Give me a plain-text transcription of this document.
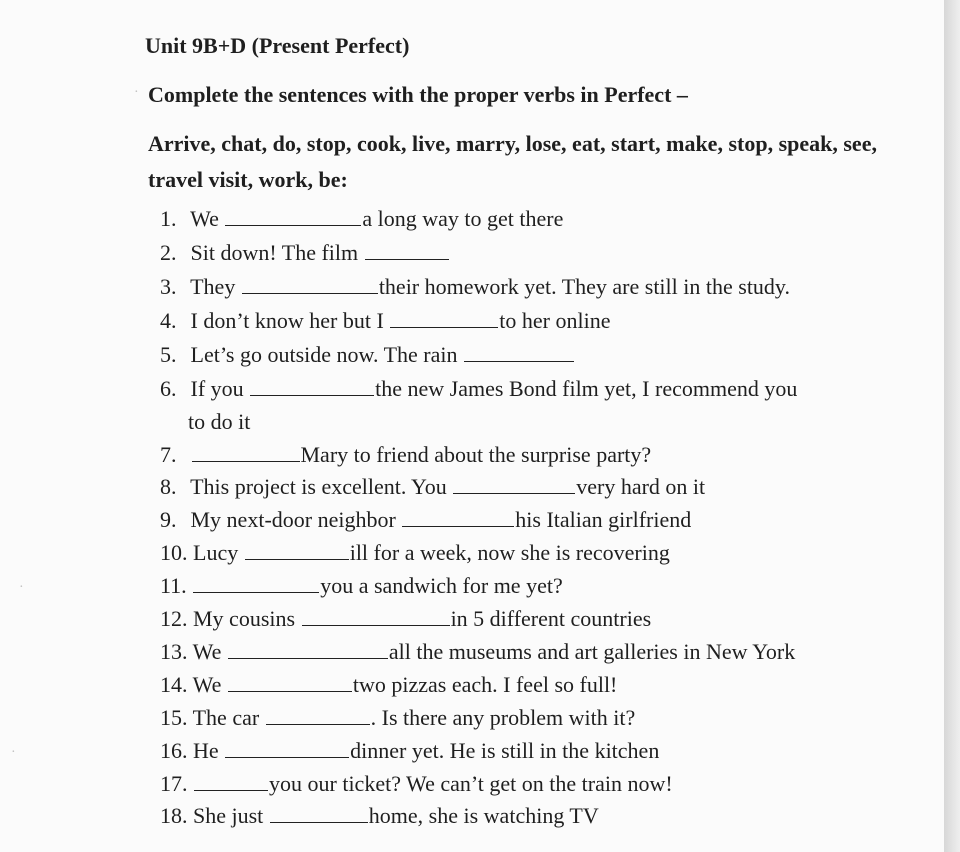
Unit 9B+D (Present Perfect)
Complete the sentences with the proper verbs in Perfect –
Arrive, chat, do, stop, cook, live, marry, lose, eat, start, make, stop, speak, see, travel visit, work, be:
1. We	a long way to get there
2. Sit down! The film
3. They	their homework yet. They are still in the study.
4. I don’t know her but I	to her online
5. Let’s go outside now. The rain
6. If you	the new James Bond film yet, I recommend you
to do it
7.	Mary to friend about the surprise party?
8. This project is excellent. You	very hard on it
9. My next-door neighbor	his Italian girlfriend
10. Lucy	ill for a week, now she is recovering
11.	you a sandwich for me yet?
12. My cousins	in 5 different countries
13. We	all the museums and art galleries in New York
14. We	two pizzas each. I feel so full!
15. The car	. Is there any problem with it?
16. He	dinner yet. He is still in the kitchen
17.	you our ticket? We can’t get on the train now!
18. She just	home, she is watching TV
·
·
·
